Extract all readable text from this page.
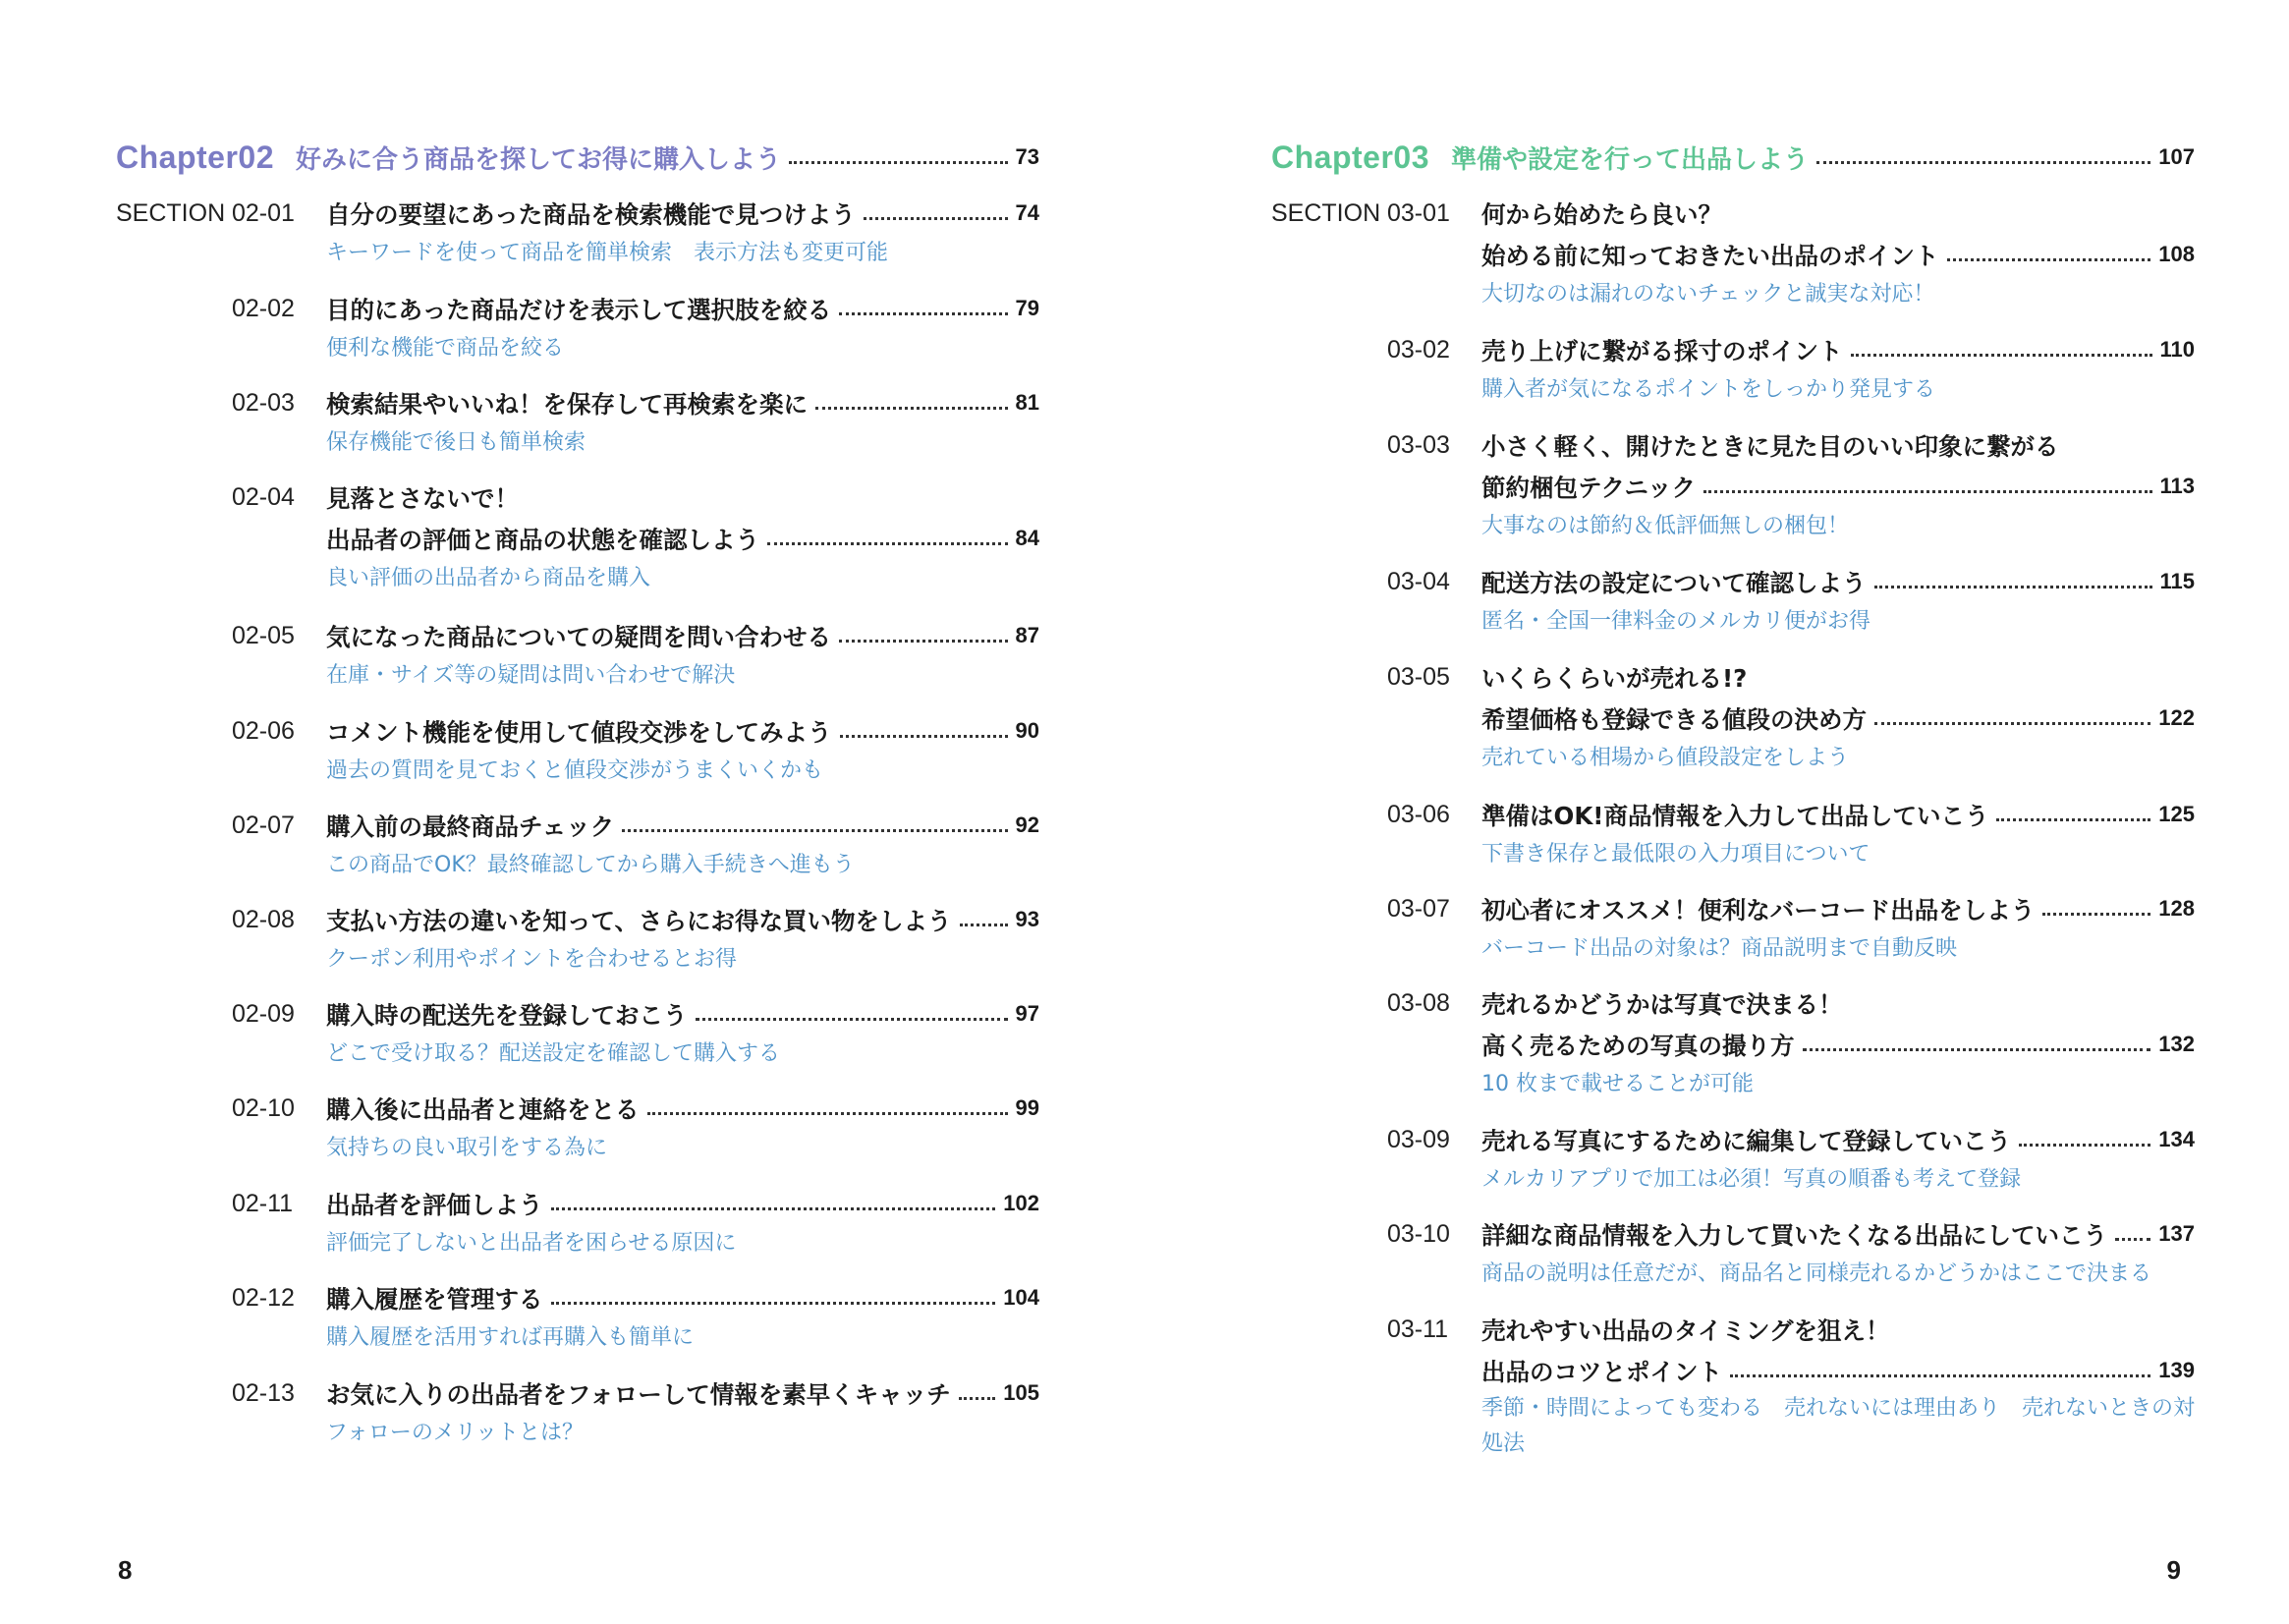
Chapter02 好みに合う商品を探してお得に購入しよう	73
SECTION 02-01 自分の要望にあった商品を検索機能で見つけよう	74
キーワードを使って商品を簡単検索　表示方法も変更可能
02-02 目的にあった商品だけを表示して選択肢を絞る	79
便利な機能で商品を絞る
02-03 検索結果やいいね！を保存して再検索を楽に	81
保存機能で後日も簡単検索
02-04 見落とさないで！
出品者の評価と商品の状態を確認しよう	84
良い評価の出品者から商品を購入
02-05 気になった商品についての疑問を問い合わせる	87
在庫・サイズ等の疑問は問い合わせで解決
02-06 コメント機能を使用して値段交渉をしてみよう	90
過去の質問を見ておくと値段交渉がうまくいくかも
02-07 購入前の最終商品チェック	92
この商品でOK？最終確認してから購入手続きへ進もう
02-08 支払い方法の違いを知って、さらにお得な買い物をしよう	93
クーポン利用やポイントを合わせるとお得
02-09 購入時の配送先を登録しておこう	97
どこで受け取る？配送設定を確認して購入する
02-10 購入後に出品者と連絡をとる	99
気持ちの良い取引をする為に
02-11 出品者を評価しよう	102
評価完了しないと出品者を困らせる原因に
02-12 購入履歴を管理する	104
購入履歴を活用すれば再購入も簡単に
02-13 お気に入りの出品者をフォローして情報を素早くキャッチ 105
フォローのメリットとは？
8
Chapter03 準備や設定を行って出品しよう	107
SECTION 03-01 何から始めたら良い？
始める前に知っておきたい出品のポイント	108
大切なのは漏れのないチェックと誠実な対応！
03-02 売り上げに繋がる採寸のポイント	110
購入者が気になるポイントをしっかり発見する
03-03 小さく軽く、開けたときに見た目のいい印象に繋がる
節約梱包テクニック	113
大事なのは節約＆低評価無しの梱包！
03-04 配送方法の設定について確認しよう	115
匿名・全国一律料金のメルカリ便がお得
03-05 いくらくらいが売れる!?
希望価格も登録できる値段の決め方	122
売れている相場から値段設定をしよう
03-06 準備はOK!商品情報を入力して出品していこう	125
下書き保存と最低限の入力項目について
03-07 初心者にオススメ！便利なバーコード出品をしよう	128
バーコード出品の対象は？商品説明まで自動反映
03-08 売れるかどうかは写真で決まる！
高く売るための写真の撮り方	132
10 枚まで載せることが可能
03-09 売れる写真にするために編集して登録していこう	134
メルカリアプリで加工は必須！写真の順番も考えて登録
03-10 詳細な商品情報を入力して買いたくなる出品にしていこう 137
商品の説明は任意だが、商品名と同様売れるかどうかはここで決まる
03-11 売れやすい出品のタイミングを狙え！
出品のコツとポイント	139
季節・時間によっても変わる　売れないには理由あり　売れないときの対処法
9
